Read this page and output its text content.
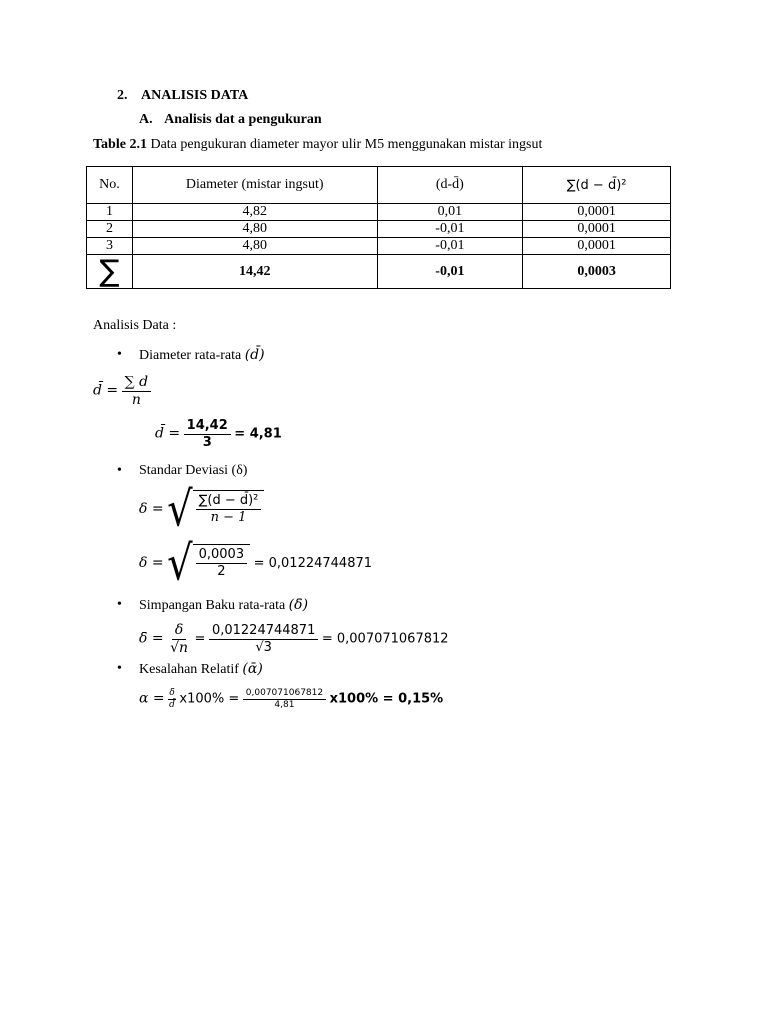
2. ANALISIS DATA
A. Analisis dat a pengukuran
Table 2.1 Data pengukuran diameter mayor ulir M5 menggunakan mistar ingsut
No.	Diameter (mistar ingsut)	(d-d̄)	∑(d − d̄)²
1	4,82	0,01	0,0001
2	4,80	-0,01	0,0001
3	4,80	-0,01	0,0001
∑	14,42	-0,01	0,0003
Analisis Data :
• Diameter rata-rata (d̄)
d̄ = $\frac{\sum d}{n}$
d̄ = $\frac{14,42}{3} = 4,81$
• Standar Deviasi (δ)
δ = √ $\frac{\text{∑(d − d̄)²}}{n - 1}$
δ = √ $\frac{0,0003}{2} = 0,01224744871$
• Simpangan Baku rata-rata (δ̄)
δ̄ = $\frac{\delta}{√n} = \frac{0,01224744871}{√3} = 0,007071067812$
• Kesalahan Relatif (ᾱ)
$\alpha = \frac{\deltā}{d̄} x100\% = \frac{0,007071067812}{4,81} x100\% = 0,15\%$
